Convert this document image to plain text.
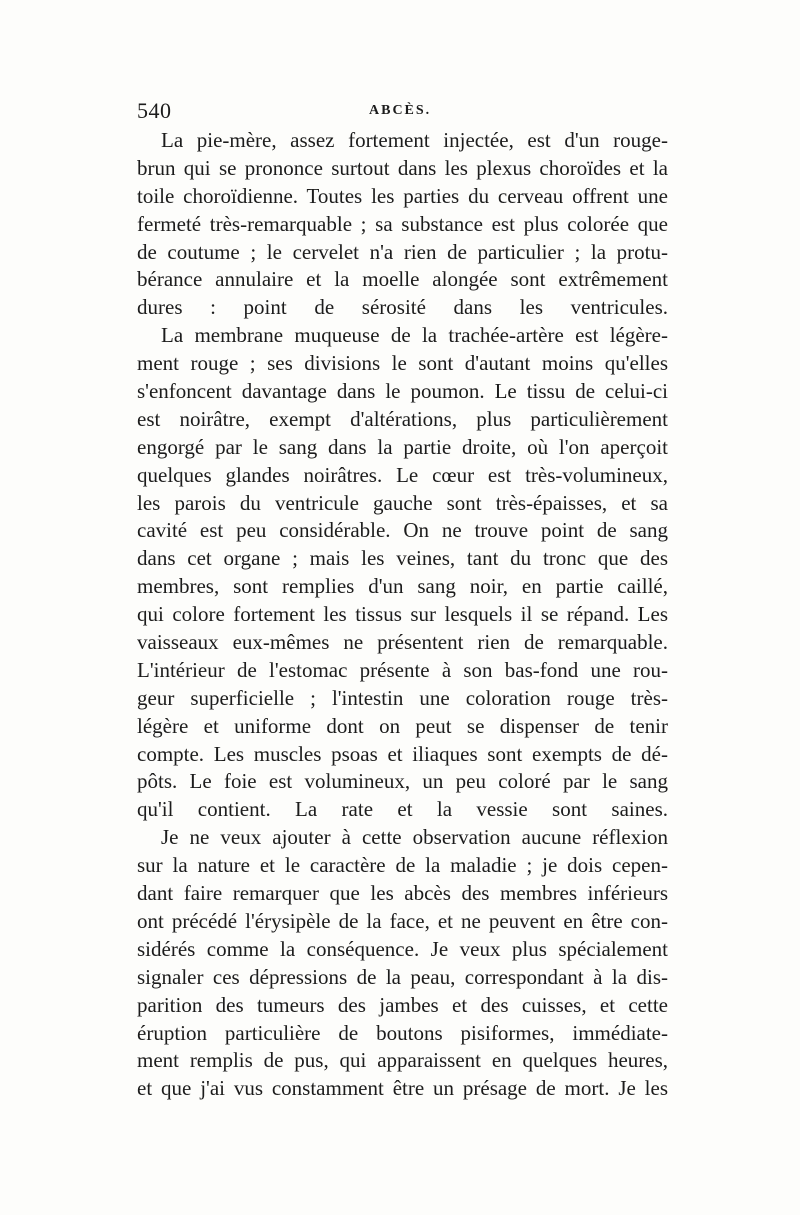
540	ABCÈS.
La pie-mère, assez fortement injectée, est d'un rouge-
brun qui se prononce surtout dans les plexus choroïdes et la
toile choroïdienne. Toutes les parties du cerveau offrent une
fermeté très-remarquable ; sa substance est plus colorée que
de coutume ; le cervelet n'a rien de particulier ; la protu-
bérance annulaire et la moelle alongée sont extrêmement
dures : point de sérosité dans les ventricules.
La membrane muqueuse de la trachée-artère est légère-
ment rouge ; ses divisions le sont d'autant moins qu'elles
s'enfoncent davantage dans le poumon. Le tissu de celui-ci
est noirâtre, exempt d'altérations, plus particulièrement
engorgé par le sang dans la partie droite, où l'on aperçoit
quelques glandes noirâtres. Le cœur est très-volumineux,
les parois du ventricule gauche sont très-épaisses, et sa
cavité est peu considérable. On ne trouve point de sang
dans cet organe ; mais les veines, tant du tronc que des
membres, sont remplies d'un sang noir, en partie caillé,
qui colore fortement les tissus sur lesquels il se répand. Les
vaisseaux eux-mêmes ne présentent rien de remarquable.
L'intérieur de l'estomac présente à son bas-fond une rou-
geur superficielle ; l'intestin une coloration rouge très-
légère et uniforme dont on peut se dispenser de tenir
compte. Les muscles psoas et iliaques sont exempts de dé-
pôts. Le foie est volumineux, un peu coloré par le sang
qu'il contient. La rate et la vessie sont saines.
Je ne veux ajouter à cette observation aucune réflexion
sur la nature et le caractère de la maladie ; je dois cepen-
dant faire remarquer que les abcès des membres inférieurs
ont précédé l'érysipèle de la face, et ne peuvent en être con-
sidérés comme la conséquence. Je veux plus spécialement
signaler ces dépressions de la peau, correspondant à la dis-
parition des tumeurs des jambes et des cuisses, et cette
éruption particulière de boutons pisiformes, immédiate-
ment remplis de pus, qui apparaissent en quelques heures,
et que j'ai vus constamment être un présage de mort. Je les
